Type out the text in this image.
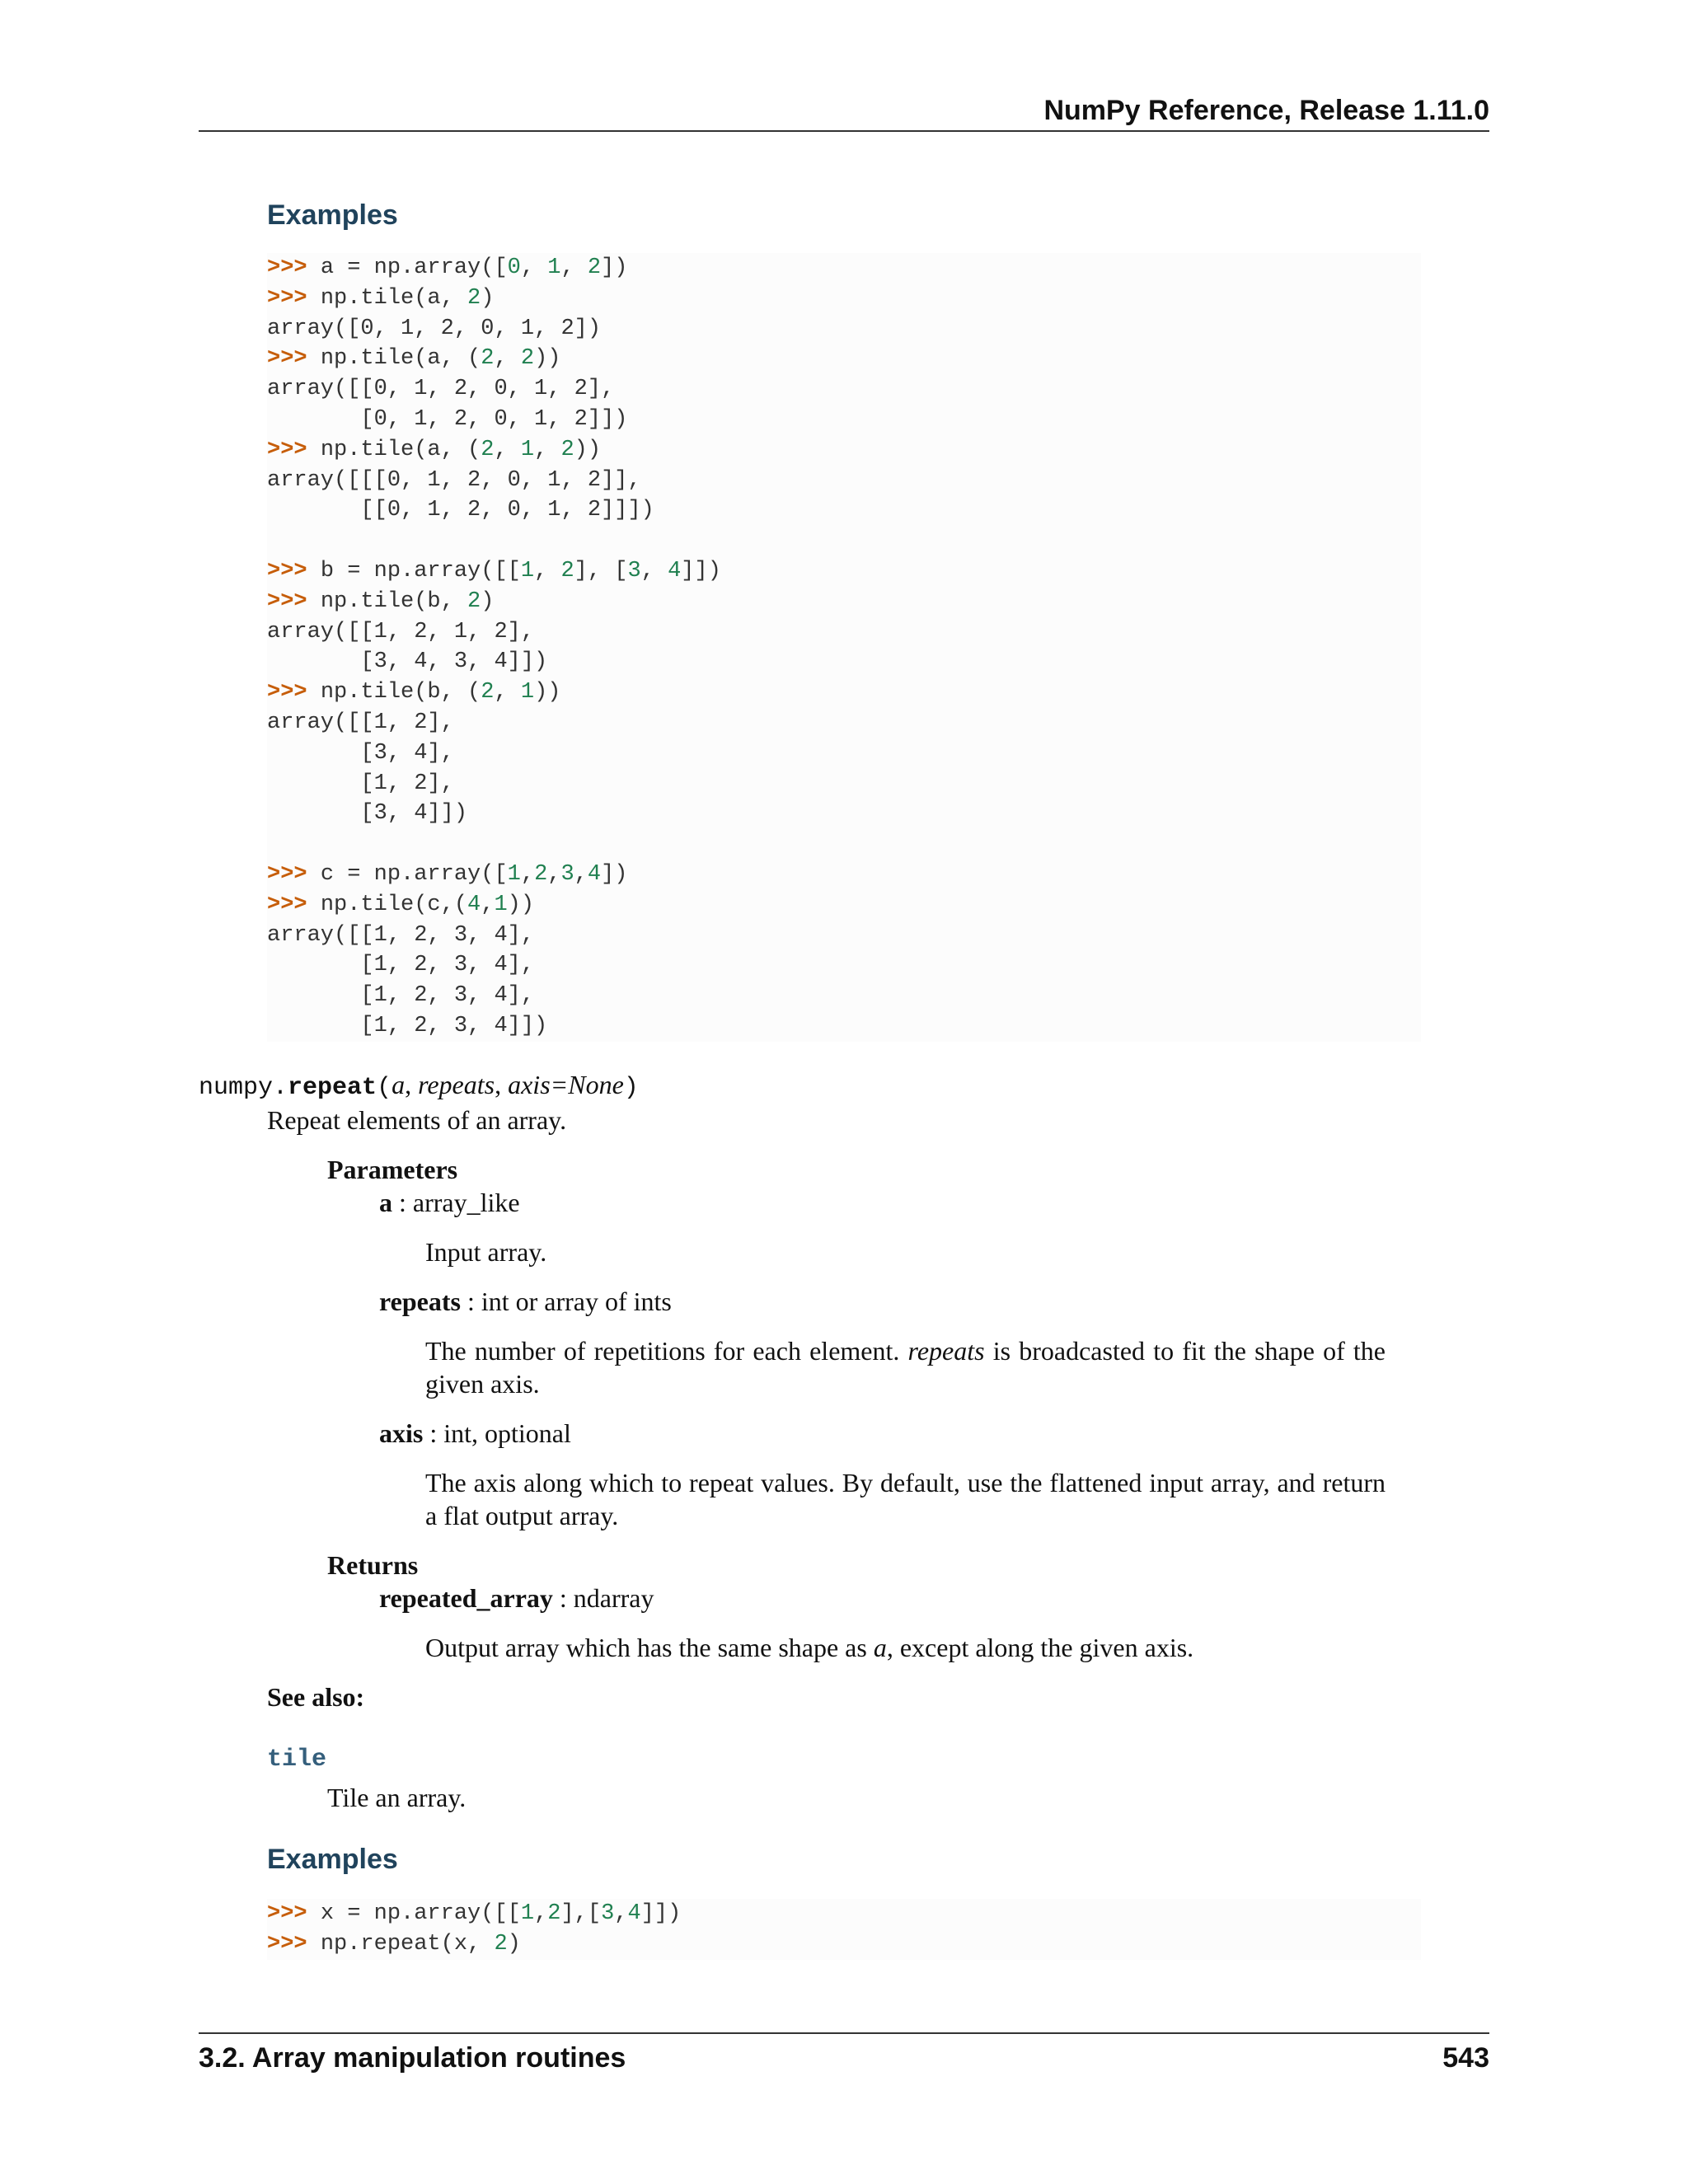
NumPy Reference, Release 1.11.0
Examples
>>> a = np.array([0, 1, 2])
>>> np.tile(a, 2)
array([0, 1, 2, 0, 1, 2])
>>> np.tile(a, (2, 2))
array([[0, 1, 2, 0, 1, 2],
[0, 1, 2, 0, 1, 2]])
>>> np.tile(a, (2, 1, 2))
array([[[0, 1, 2, 0, 1, 2]],
[[0, 1, 2, 0, 1, 2]]])
>>> b = np.array([[1, 2], [3, 4]])
>>> np.tile(b, 2)
array([[1, 2, 1, 2],
[3, 4, 3, 4]])
>>> np.tile(b, (2, 1))
array([[1, 2],
[3, 4],
[1, 2],
[3, 4]])
>>> c = np.array([1,2,3,4])
>>> np.tile(c,(4,1))
array([[1, 2, 3, 4],
[1, 2, 3, 4],
[1, 2, 3, 4],
[1, 2, 3, 4]])
numpy.repeat(a, repeats, axis=None)
Repeat elements of an array.
Parameters
a : array_like
Input array.
repeats : int or array of ints
The number of repetitions for each element. repeats is broadcasted to fit the shape of the given axis.
axis : int, optional
The axis along which to repeat values. By default, use the flattened input array, and return a flat output array.
Returns
repeated_array : ndarray
Output array which has the same shape as a, except along the given axis.
See also:
tile
Tile an array.
Examples
>>> x = np.array([[1,2],[3,4]])
>>> np.repeat(x, 2)
3.2. Array manipulation routines	543
